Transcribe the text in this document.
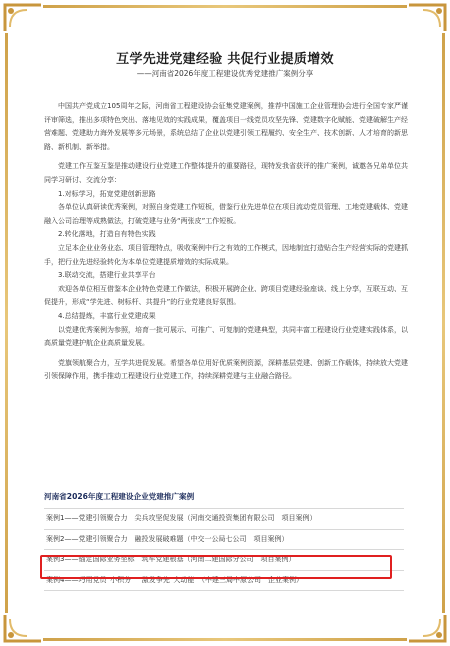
互学先进党建经验 共促行业提质增效
——河南省2026年度工程建设优秀党建推广案例分享

中国共产党成立105周年之际，河南省工程建设协会征集党建案例，推荐中国施工企业管理协会进行全国专家严谨评审筛选，推出多项特色突出、落地见效的实践成果，覆盖项目一线党员攻坚先锋、党建数字化赋能、党建破解生产经营难题、党建助力海外发展等多元场景，系统总结了企业以党建引领工程履约、安全生产、技术创新、人才培育的新思路、新机制、新举措。

党建工作互鉴互鉴是推动建设行业党建工作整体提升的重要路径，现特发我省获评的推广案例，诚邀各兄弟单位共同学习研讨、交流分享：

1.对标学习，拓宽党建创新思路

各单位认真研读优秀案例，对照自身党建工作短板，借鉴行业先进单位在项目流动党员管理、工地党建载体、党建融入公司治理等成熟做法，打破党建与业务“两张皮”工作短板。

2.转化落地，打造自有特色实践

立足本企业业务业态、项目管理特点，吸收案例中行之有效的工作模式，因地制宜打造贴合生产经营实际的党建抓手，把行业先进经验转化为本单位党建提质增效的实际成果。

3.联动交流，搭建行业共享平台

欢迎各单位相互借鉴本企业特色党建工作做法，积极开展跨企业、跨项目党建经验座谈、线上分享，互联互动、互促提升，形成“学先进、树标杆、共提升”的行业党建良好氛围。

4.总结提炼，丰富行业党建成果

以党建优秀案例为参照，培育一批可展示、可推广、可复制的党建典型，共同丰富工程建设行业党建实践体系，以高质量党建护航企业高质量发展。

党旗领航聚合力，互学共进促发展。希望各单位用好优质案例资源，深耕基层党建、创新工作载体，持续放大党建引领保障作用，携手推动工程建设行业党建工作，持续深耕党建与主业融合路径。

河南省2026年度工程建设企业党建推广案例
案例1——党建引领聚合力　尖兵攻坚促发展（河南交通投资集团有限公司　项目案例）
案例2——党建引领聚合力　融投发展破难题（中交一公局七公司　项目案例）
案例3——锚定国际业务坐标　筑牢党建根基（河南二建国际分公司　项目案例）
案例4——巧用党员“小积分”　激发争先“大动能”（中建三局中原公司　企业案例）
